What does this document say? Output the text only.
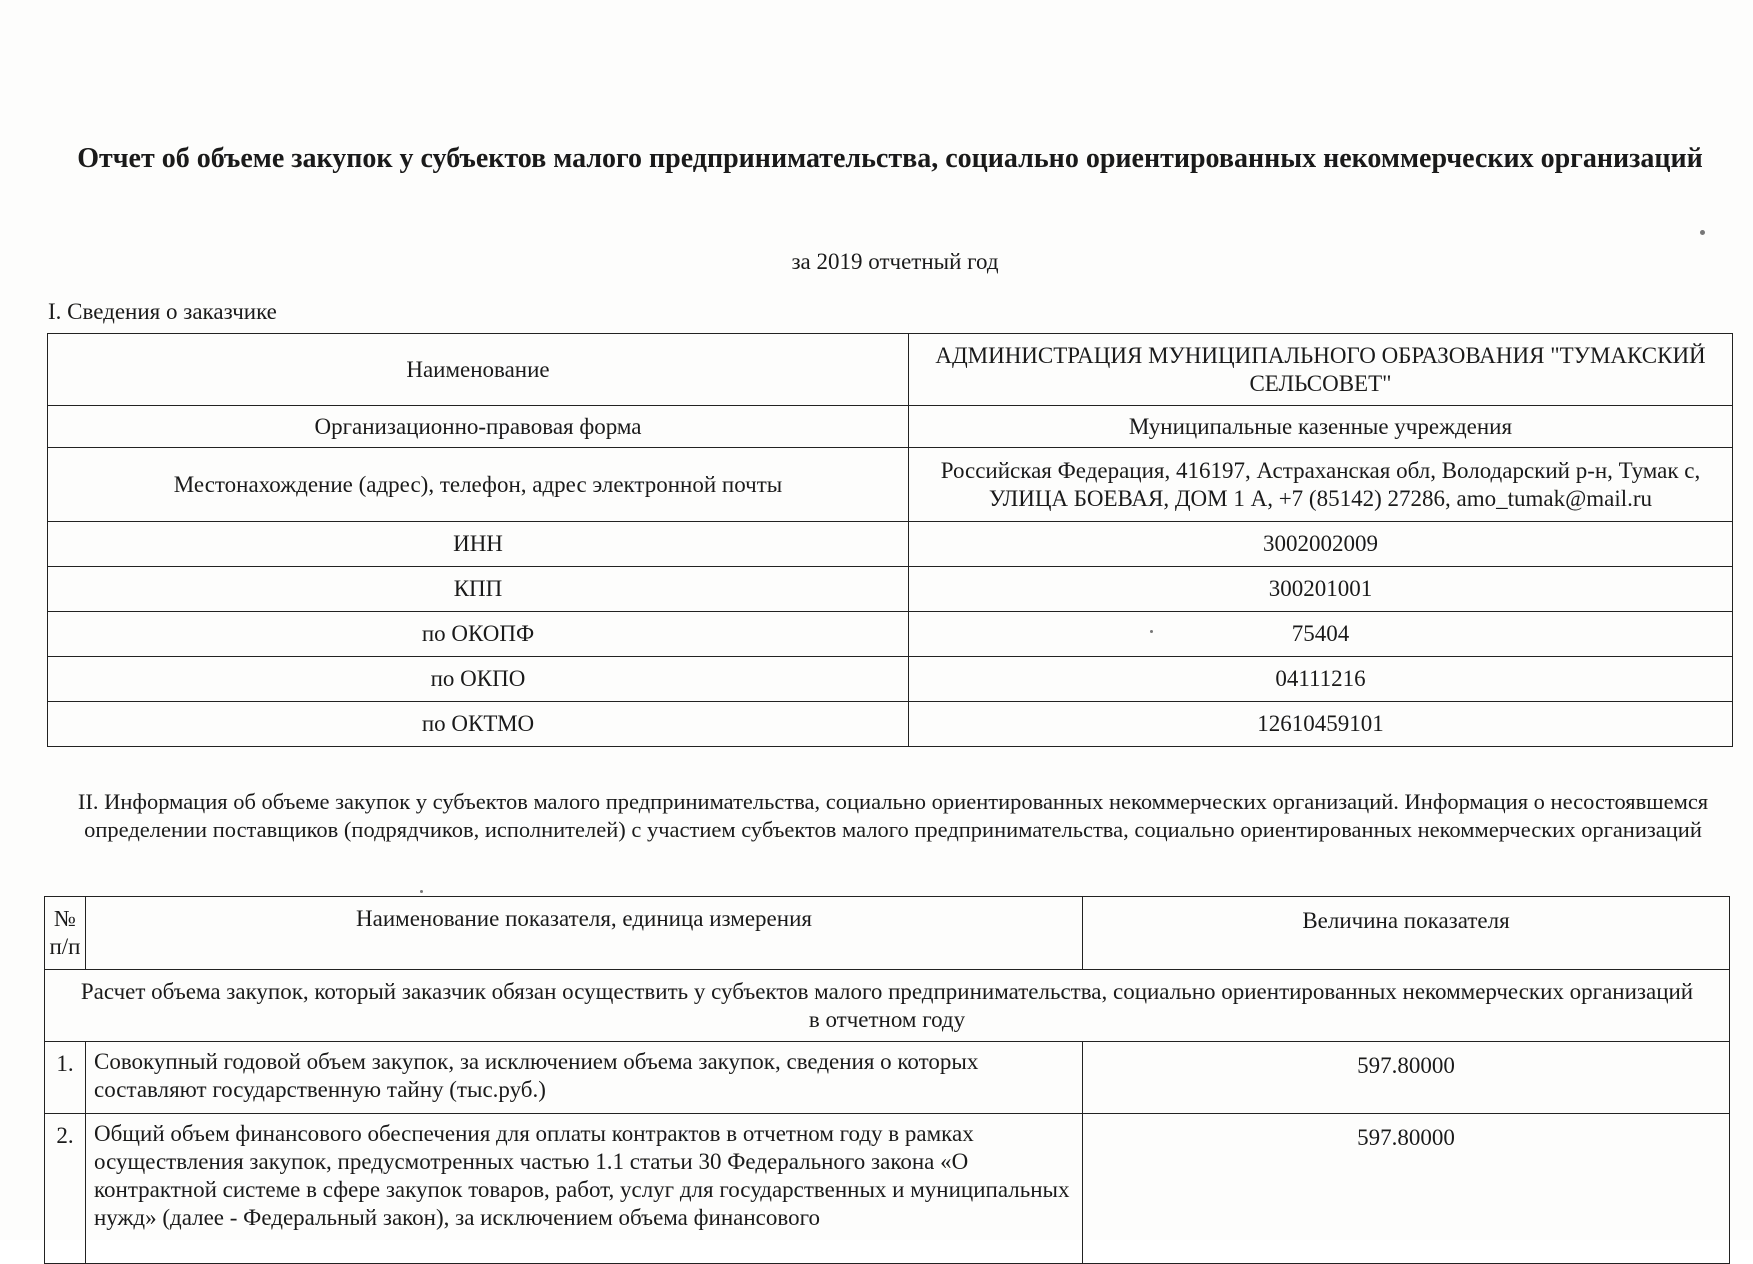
Отчет об объеме закупок у субъектов малого предпринимательства, социально ориентированных некоммерческих организаций
за 2019 отчетный год
I. Сведения о заказчике
Наименование	АДМИНИСТРАЦИЯ МУНИЦИПАЛЬНОГО ОБРАЗОВАНИЯ "ТУМАКСКИЙ СЕЛЬСОВЕТ"
Организационно-правовая форма	Муниципальные казенные учреждения
Местонахождение (адрес), телефон, адрес электронной почты	Российская Федерация, 416197, Астраханская обл, Володарский р-н, Тумак с, УЛИЦА БОЕВАЯ, ДОМ 1 А, +7 (85142) 27286, amo_tumak@mail.ru
ИНН	3002002009
КПП	300201001
по ОКОПФ	75404
по ОКПО	04111216
по ОКТМО	12610459101
II. Информация об объеме закупок у субъектов малого предпринимательства, социально ориентированных некоммерческих организаций. Информация о несостоявшемся определении поставщиков (подрядчиков, исполнителей) с участием субъектов малого предпринимательства, социально ориентированных некоммерческих организаций
№ п/п	Наименование показателя, единица измерения	Величина показателя
Расчет объема закупок, который заказчик обязан осуществить у субъектов малого предпринимательства, социально ориентированных некоммерческих организаций в отчетном году		
1.	Совокупный годовой объем закупок, за исключением объема закупок, сведения о которых составляют государственную тайну (тыс.руб.)	597.80000
2.	Общий объем финансового обеспечения для оплаты контрактов в отчетном году в рамках осуществления закупок, предусмотренных частью 1.1 статьи 30 Федерального закона «О контрактной системе в сфере закупок товаров, работ, услуг для государственных и муниципальных нужд» (далее - Федеральный закон), за исключением объема финансового	597.80000
